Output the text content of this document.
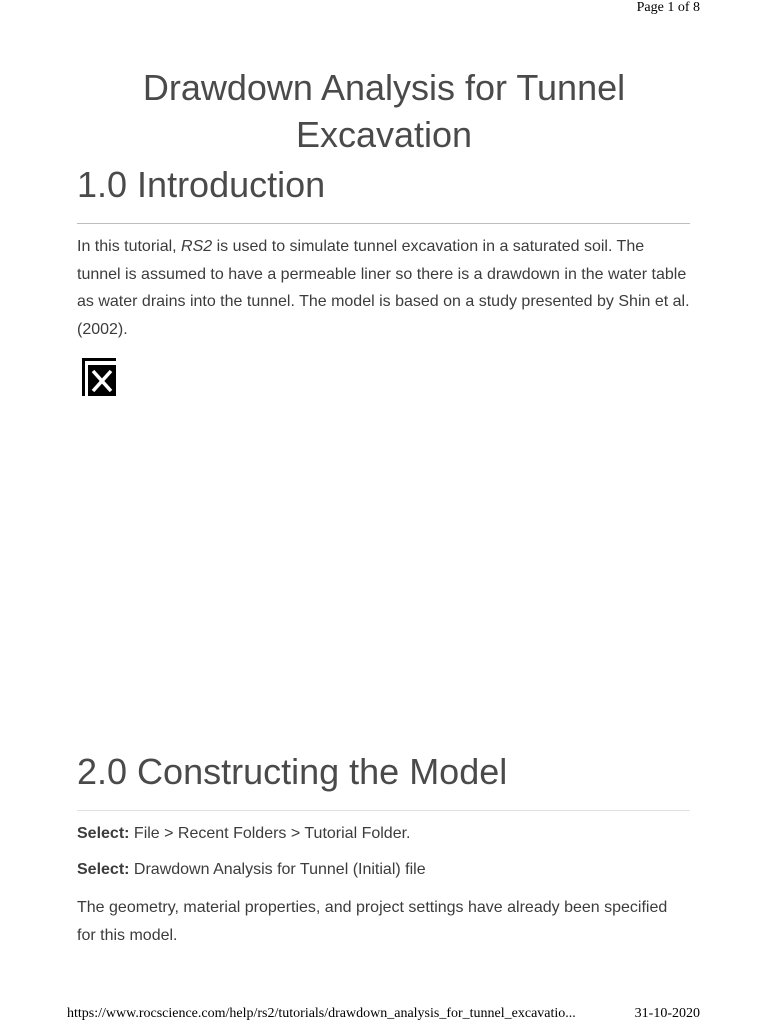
Page 1 of 8
Drawdown Analysis for Tunnel
Excavation
1.0 Introduction

In this tutorial, RS2 is used to simulate tunnel excavation in a saturated soil. The tunnel is assumed to have a permeable liner so there is a drawdown in the water table as water drains into the tunnel. The model is based on a study presented by Shin et al. (2002).

2.0 Constructing the Model

Select: File > Recent Folders > Tutorial Folder.

Select: Drawdown Analysis for Tunnel (Initial) file

The geometry, material properties, and project settings have already been specified for this model.

https://www.rocscience.com/help/rs2/tutorials/drawdown_analysis_for_tunnel_excavatio...	31-10-2020
